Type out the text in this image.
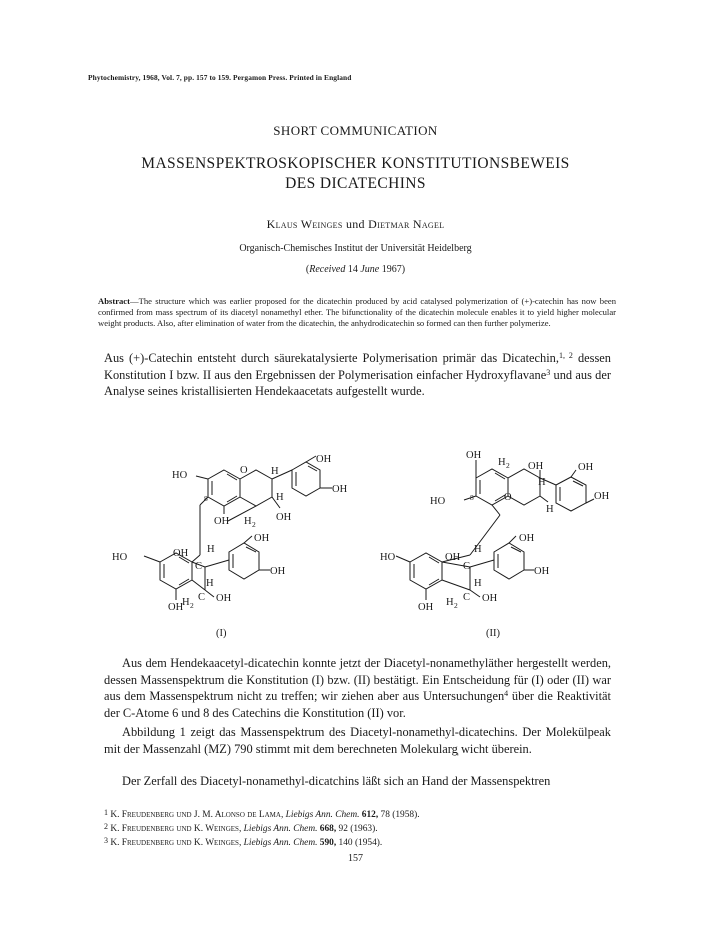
Phytochemistry, 1968, Vol. 7, pp. 157 to 159. Pergamon Press. Printed in England
SHORT COMMUNICATION
MASSENSPEKTROSKOPISCHER KONSTITUTIONSBEWEIS
DES DICATECHINS
Klaus Weinges und Dietmar Nagel
Organisch-Chemisches Institut der Universität Heidelberg
(Received 14 June 1967)
Abstract—The structure which was earlier proposed for the dicatechin produced by acid catalysed polymerization of (+)-catechin has now been confirmed from mass spectrum of its diacetyl nonamethyl ether. The bifunctionality of the dicatechin molecule enables it to yield higher molecular weight products. Also, after elimination of water from the dicatechin, the anhydrodicatechin so formed can then further polymerize.
Aus (+)-Catechin entsteht durch säurekatalysierte Polymerisation primär das Dicatechin,$^{1, 2}$ dessen Konstitution I bzw. II aus den Ergebnissen der Polymerisation einfacher Hydroxyflavane$^3$ und aus der Analyse seines kristallisierten Hendekaacetats aufgestellt wurde.
HO	O H
OH
OH
H
OH
8
OH H 2
OH
H
C
OH
HO
OH
H
C OH
OH
H 2
(I)
OH
H 2 OH	OH
H
OH
HO	8	O
H
OH
H
HO	OH
C	OH
H
C OH
OH H 2
(II)
Aus dem Hendekaacetyl-dicatechin konnte jetzt der Diacetyl-nonamethyläther hergestellt werden, dessen Massenspektrum die Konstitution (I) bzw. (II) bestätigt. Ein Entscheidung für (I) oder (II) war aus dem Massenspektrum nicht zu treffen; wir ziehen aber aus Untersuchungen$^4$ über die Reaktivität der C-Atome 6 und 8 des Catechins die Konstitution (II) vor.
Abbildung 1 zeigt das Massenspektrum des Diacetyl-nonamethyl-dicatechins. Der Molekülpeak mit der Massenzahl (MZ) 790 stimmt mit dem berechneten Molekularg̩ wicht überein.
Der Zerfall des Diacetyl-nonamethyl-dicatchins läßt sich an Hand der Massenspektren
$^1$ K. Freudenberg und J. M. Alonso de Lama, Liebigs Ann. Chem. 612, 78 (1958).
$^2$ K. Freudenberg und K. Weinges, Liebigs Ann. Chem. 668, 92 (1963).
$^3$ K. Freudenberg und K. Weinges, Liebigs Ann. Chem. 590, 140 (1954).
157
